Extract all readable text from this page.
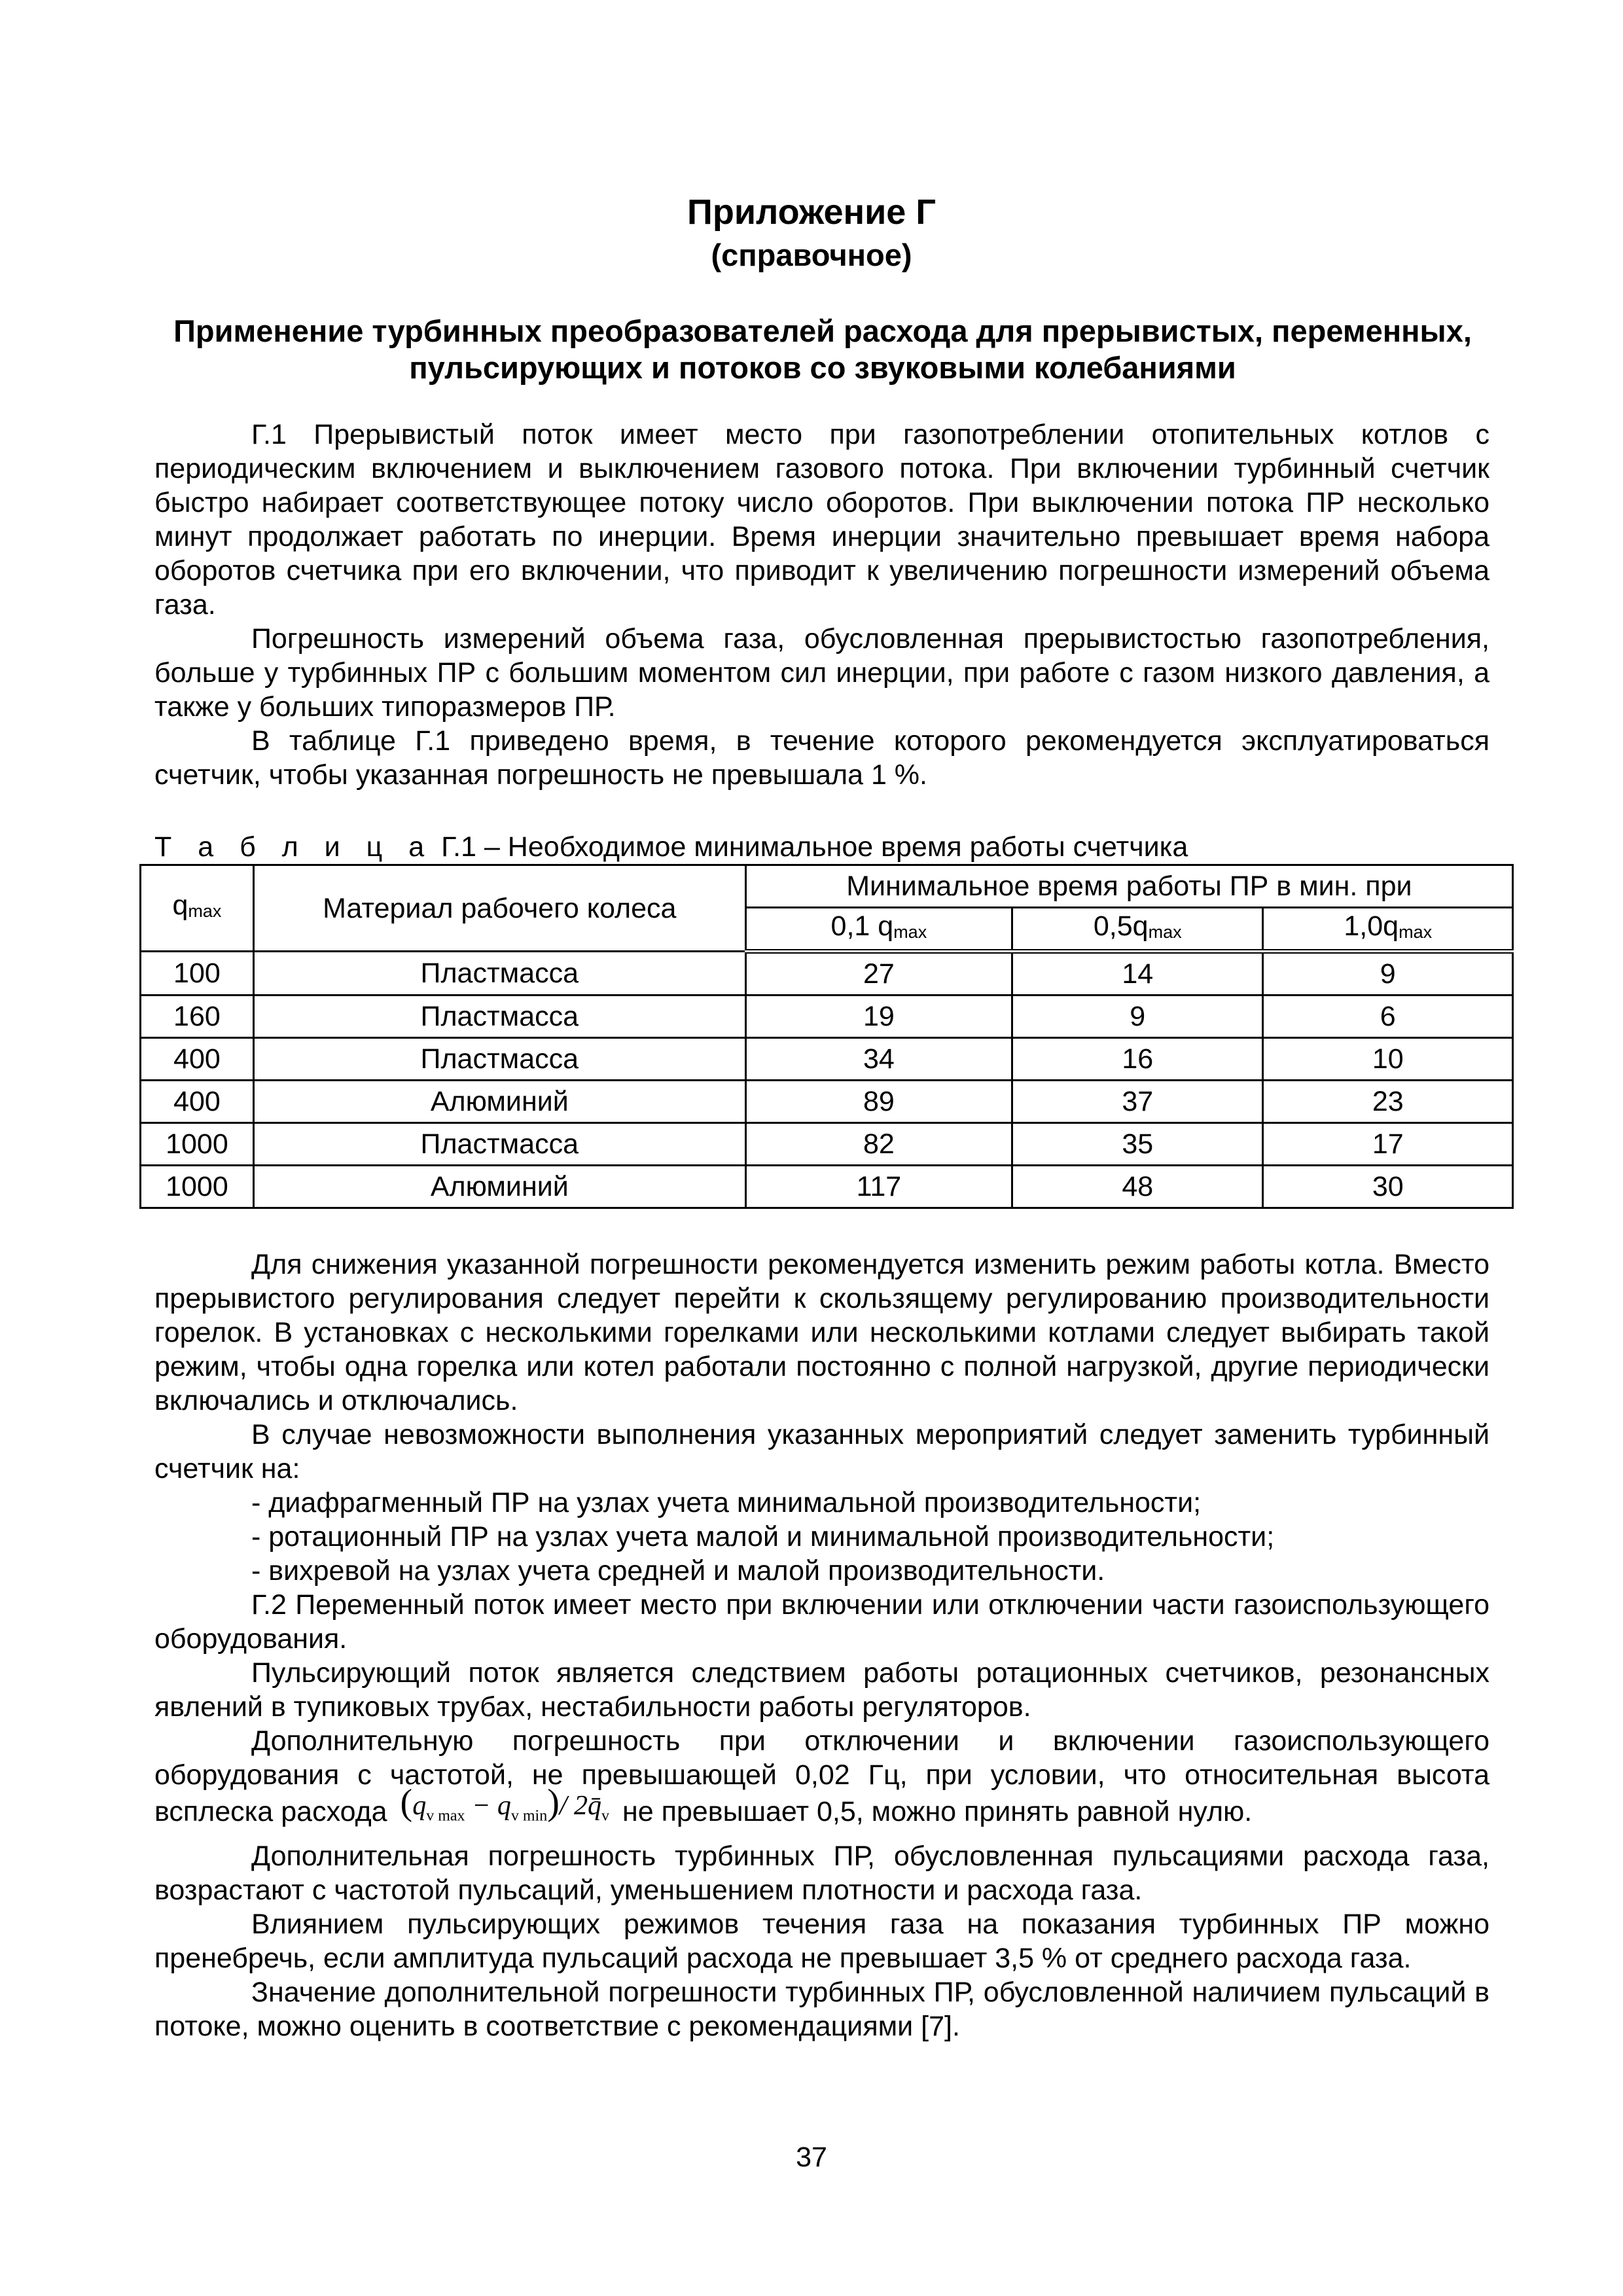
Приложение Г
(справочное)
Применение турбинных преобразователей расхода для прерывистых, переменных, пульсирующих и потоков со звуковыми колебаниями

Г.1 Прерывистый поток имеет место при газопотреблении отопительных котлов с периодическим включением и выключением газового потока. При включении турбинный счетчик быстро набирает соответствующее потоку число оборотов. При выключении потока ПР несколько минут продолжает работать по инерции. Время инерции значительно превышает время набора оборотов счетчика при его включении, что приводит к увеличению погрешности измерений объема газа.

Погрешность измерений объема газа, обусловленная прерывистостью газопотребления, больше у турбинных ПР с большим моментом сил инерции, при работе с газом низкого давления, а также у больших типоразмеров ПР.

В таблице Г.1 приведено время, в течение которого рекомендуется эксплуатироваться счетчик, чтобы указанная погрешность не превышала 1 %.

Т а б л и ц а Г.1 – Необходимое минимальное время работы счетчика
$q_{max}$	Материал рабочего колеса	Минимальное время работы ПР в мин. при		
		0,1 $q_{max}$	$0,5q_{max}$	$1,0q_{max}$
100	Пластмасса	27	14	9
160	Пластмасса	19	9	6
400	Пластмасса	34	16	10
400	Алюминий	89	37	23
1000	Пластмасса	82	35	17
1000	Алюминий	117	48	30

Для снижения указанной погрешности рекомендуется изменить режим работы котла. Вместо прерывистого регулирования следует перейти к скользящему регулированию производительности горелок. В установках с несколькими горелками или несколькими котлами следует выбирать такой режим, чтобы одна горелка или котел работали постоянно с полной нагрузкой, другие периодически включались и отключались.

В случае невозможности выполнения указанных мероприятий следует заменить турбинный счетчик на:

- диафрагменный ПР на узлах учета минимальной производительности;

- ротационный ПР на узлах учета малой и минимальной производительности;

- вихревой на узлах учета средней и малой производительности.

Г.2 Переменный поток имеет место при включении или отключении части газоиспользующего оборудования.

Пульсирующий поток является следствием работы ротационных счетчиков, резонансных явлений в тупиковых трубах, нестабильности работы регуляторов.

Дополнительную погрешность при отключении и включении газоиспользующего оборудования с частотой, не превышающей 0,02 Гц, при условии, что относительная высота всплеска расхода $(q_{v max} - q_{v min})/$ $2q̄_v$ не превышает 0,5, можно принять равной нулю.

Дополнительная погрешность турбинных ПР, обусловленная пульсациями расхода газа, возрастают с частотой пульсаций, уменьшением плотности и расхода газа.

Влиянием пульсирующих режимов течения газа на показания турбинных ПР можно пренебречь, если амплитуда пульсаций расхода не превышает 3,5 % от среднего расхода газа.

Значение дополнительной погрешности турбинных ПР, обусловленной наличием пульсаций в потоке, можно оценить в соответствие с рекомендациями [7].

37
